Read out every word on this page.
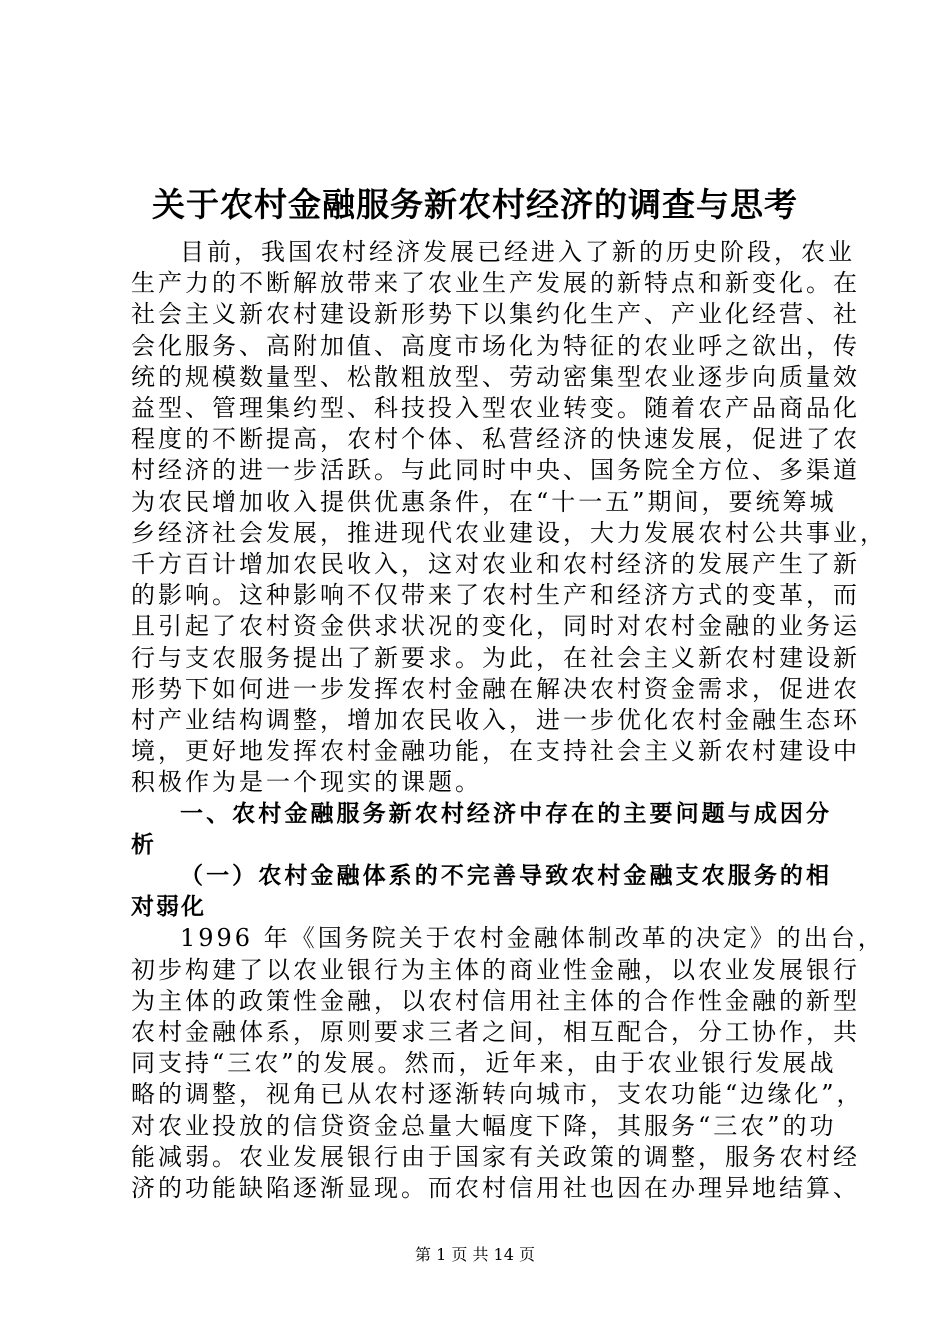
关于农村金融服务新农村经济的调查与思考
目前，我国农村经济发展已经进入了新的历史阶段，农业
生产力的不断解放带来了农业生产发展的新特点和新变化。在
社会主义新农村建设新形势下以集约化生产、产业化经营、社
会化服务、高附加值、高度市场化为特征的农业呼之欲出，传
统的规模数量型、松散粗放型、劳动密集型农业逐步向质量效
益型、管理集约型、科技投入型农业转变。随着农产品商品化
程度的不断提高，农村个体、私营经济的快速发展，促进了农
村经济的进一步活跃。与此同时中央、国务院全方位、多渠道
为农民增加收入提供优惠条件，在“十一五”期间，要统筹城
乡经济社会发展，推进现代农业建设，大力发展农村公共事业，
千方百计增加农民收入，这对农业和农村经济的发展产生了新
的影响。这种影响不仅带来了农村生产和经济方式的变革，而
且引起了农村资金供求状况的变化，同时对农村金融的业务运
行与支农服务提出了新要求。为此，在社会主义新农村建设新
形势下如何进一步发挥农村金融在解决农村资金需求，促进农
村产业结构调整，增加农民收入，进一步优化农村金融生态环
境，更好地发挥农村金融功能，在支持社会主义新农村建设中
积极作为是一个现实的课题。
一、农村金融服务新农村经济中存在的主要问题与成因分
析
（一）农村金融体系的不完善导致农村金融支农服务的相
对弱化
1996 年《国务院关于农村金融体制改革的决定》的出台，
初步构建了以农业银行为主体的商业性金融，以农业发展银行
为主体的政策性金融，以农村信用社主体的合作性金融的新型
农村金融体系，原则要求三者之间，相互配合，分工协作，共
同支持“三农”的发展。然而，近年来，由于农业银行发展战
略的调整，视角已从农村逐渐转向城市，支农功能“边缘化”，
对农业投放的信贷资金总量大幅度下降，其服务“三农”的功
能减弱。农业发展银行由于国家有关政策的调整，服务农村经
济的功能缺陷逐渐显现。而农村信用社也因在办理异地结算、
第 1 页 共 14 页
